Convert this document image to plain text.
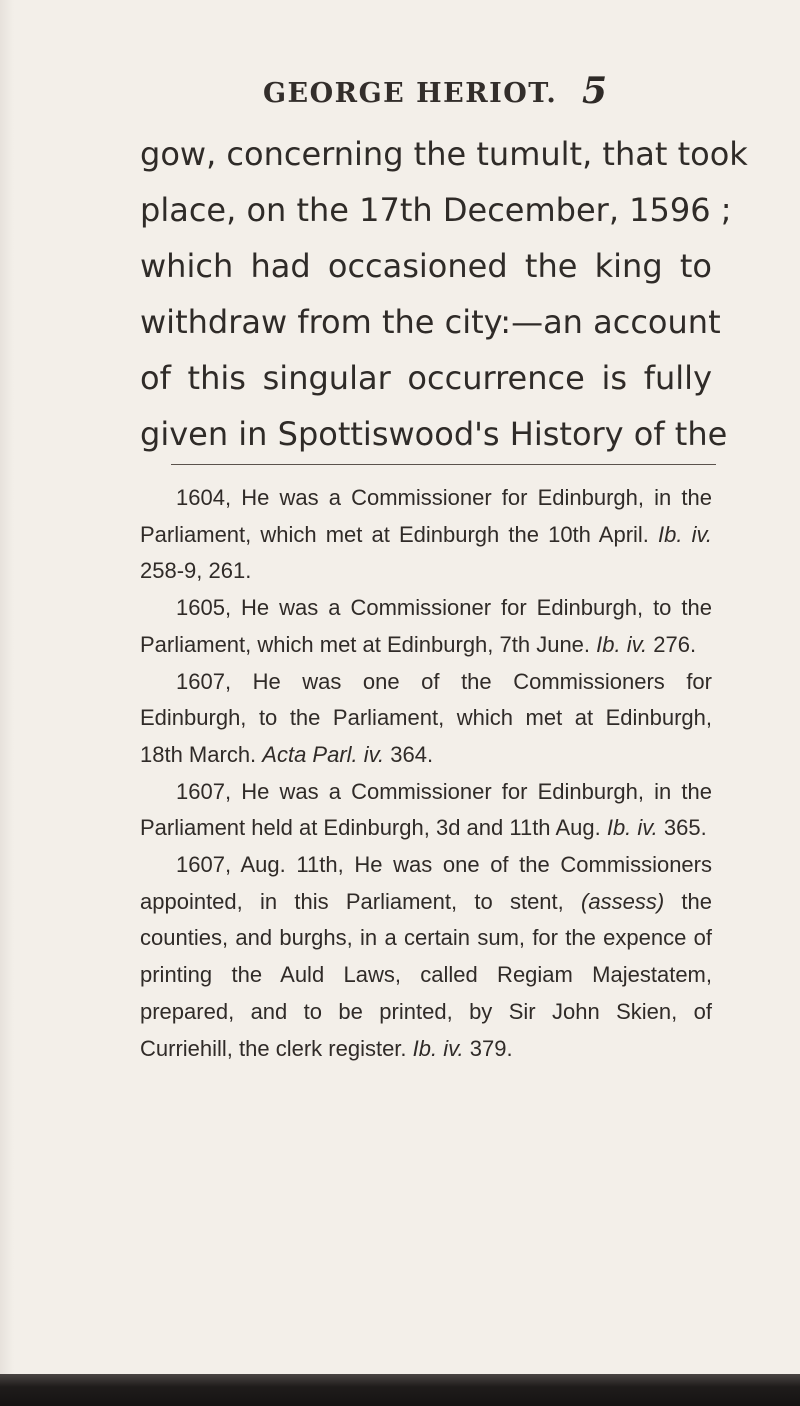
GEORGE HERIOT. 5

gow, concerning the tumult, that took
place, on the 17th December, 1596 ;
which had occasioned the king to
withdraw from the city:—an account
of this singular occurrence is fully
given in Spottiswood's History of the

1604, He was a Commissioner for Edinburgh, in the Parliament, which met at Edinburgh the 10th April. Ib. iv. 258-9, 261.

1605, He was a Commissioner for Edinburgh, to the Parliament, which met at Edinburgh, 7th June. Ib. iv. 276.

1607, He was one of the Commissioners for Edinburgh, to the Parliament, which met at Edinburgh, 18th March. Acta Parl. iv. 364.

1607, He was a Commissioner for Edinburgh, in the Parliament held at Edinburgh, 3d and 11th Aug. Ib. iv. 365.

1607, Aug. 11th, He was one of the Commissioners appointed, in this Parliament, to stent, (assess) the counties, and burghs, in a certain sum, for the expence of printing the Auld Laws, called Regiam Majestatem, prepared, and to be printed, by Sir John Skien, of Curriehill, the clerk register. Ib. iv. 379.
